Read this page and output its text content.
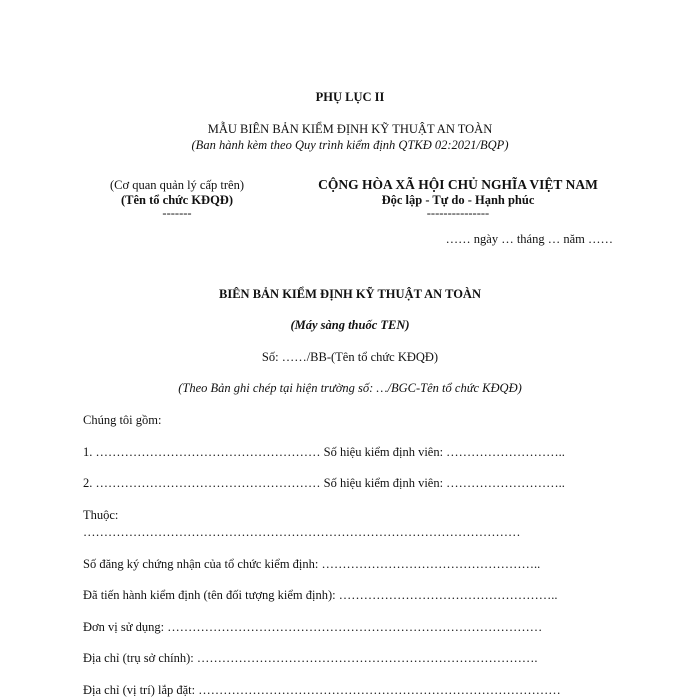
PHỤ LỤC II
MẪU BIÊN BẢN KIỂM ĐỊNH KỸ THUẬT AN TOÀN
(Ban hành kèm theo Quy trình kiểm định QTKĐ 02:2021/BQP)
(Cơ quan quản lý cấp trên)
(Tên tổ chức KĐQĐ)
-------
CỘNG HÒA XÃ HỘI CHỦ NGHĨA VIỆT NAM
Độc lập - Tự do - Hạnh phúc
---------------
…… ngày … tháng … năm ……
BIÊN BẢN KIỂM ĐỊNH KỸ THUẬT AN TOÀN
(Máy sàng thuốc TEN)
Số: ……/BB-(Tên tổ chức KĐQĐ)
(Theo Bản ghi chép tại hiện trường số: …/BGC-Tên tổ chức KĐQĐ)
Chúng tôi gồm:
1. ……………………………………………… Số hiệu kiểm định viên: ………………………..
2. ……………………………………………… Số hiệu kiểm định viên: ………………………..
Thuộc:
……………………………………………………………………………………………
Số đăng ký chứng nhận của tổ chức kiểm định: ……………………………………………..
Đã tiến hành kiểm định (tên đối tượng kiểm định): ……………………………………………..
Đơn vị sử dụng: ………………………………………………………………………………
Địa chỉ (trụ sở chính): ……………………………………………………………………….
Địa chỉ (vị trí) lắp đặt: ……………………………………………………………………………
